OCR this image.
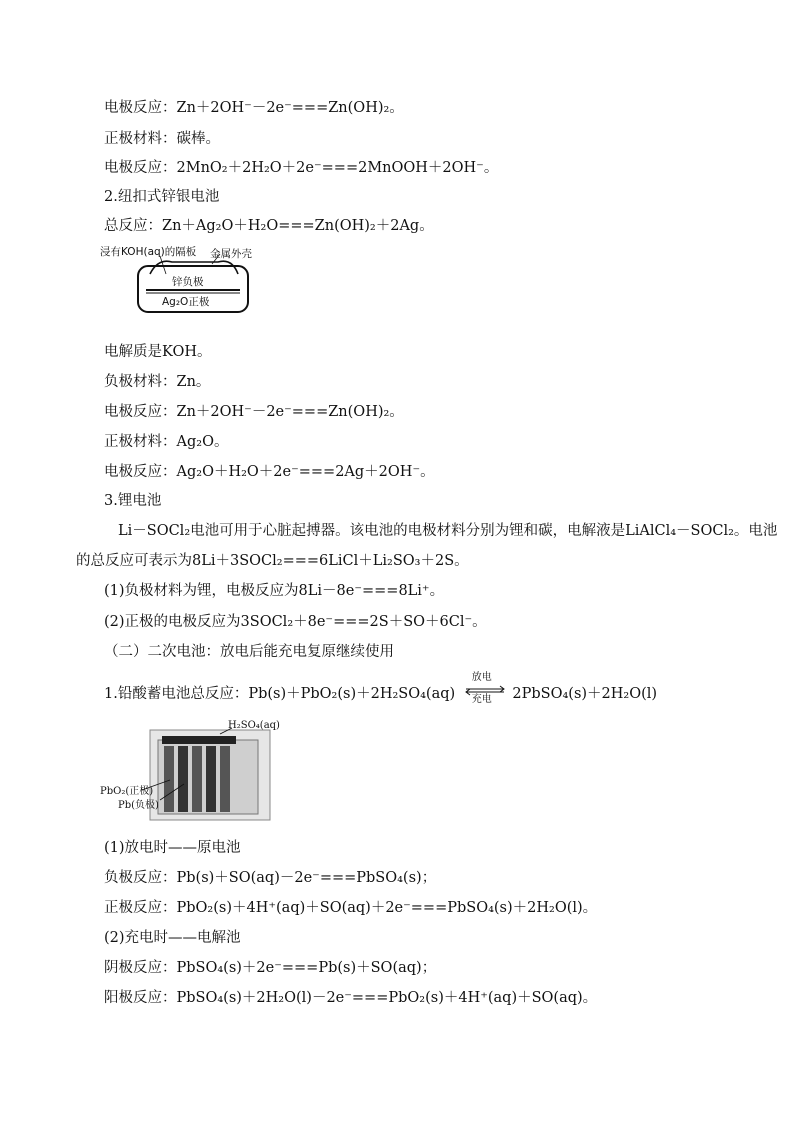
电极反应：Zn＋2OH⁻－2e⁻===Zn(OH)₂。
正极材料：碳棒。
电极反应：2MnO₂＋2H₂O＋2e⁻===2MnOOH＋2OH⁻。
2.纽扣式锌银电池
总反应：Zn＋Ag₂O＋H₂O===Zn(OH)₂＋2Ag。
浸有KOH(aq)的隔板 金属外壳
锌负极
Ag₂O正极
电解质是KOH。
负极材料：Zn。
电极反应：Zn＋2OH⁻－2e⁻===Zn(OH)₂。
正极材料：Ag₂O。
电极反应：Ag₂O＋H₂O＋2e⁻===2Ag＋2OH⁻。
3.锂电池
Li－SOCl₂电池可用于心脏起搏器。该电池的电极材料分别为锂和碳，电解液是LiAlCl₄－SOCl₂。电池
的总反应可表示为8Li＋3SOCl₂===6LiCl＋Li₂SO₃＋2S。
(1)负极材料为锂，电极反应为8Li－8e⁻===8Li⁺。
(2)正极的电极反应为3SOCl₂＋8e⁻===2S＋SO＋6Cl⁻。
（二）二次电池：放电后能充电复原继续使用
1.铅酸蓄电池总反应：Pb(s)＋PbO₂(s)＋2H₂SO₄(aq)
放电
充电 2PbSO₄(s)＋2H₂O(l)
H₂SO₄(aq)
PbO₂(正极)
Pb(负极)
(1)放电时——原电池
负极反应：Pb(s)＋SO(aq)－2e⁻===PbSO₄(s)；
正极反应：PbO₂(s)＋4H⁺(aq)＋SO(aq)＋2e⁻===PbSO₄(s)＋2H₂O(l)。
(2)充电时——电解池
阴极反应：PbSO₄(s)＋2e⁻===Pb(s)＋SO(aq)；
阳极反应：PbSO₄(s)＋2H₂O(l)－2e⁻===PbO₂(s)＋4H⁺(aq)＋SO(aq)。
